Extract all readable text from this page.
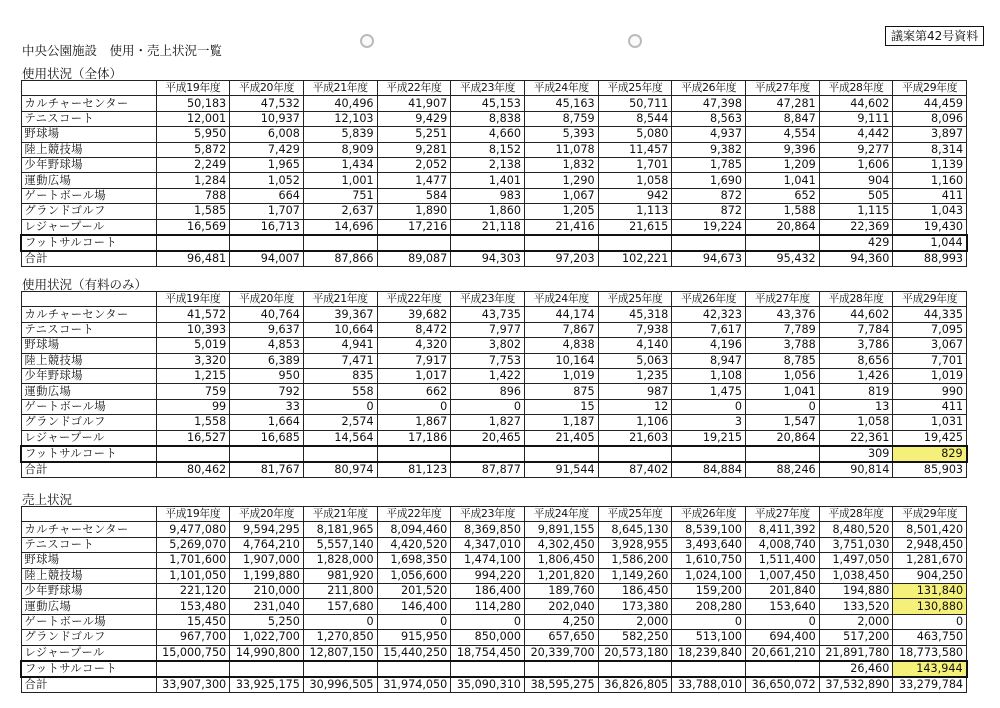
中央公園施設　使用・売上状況一覧
議案第42号資料
使用状況（全体）
	平成19年度	平成20年度	平成21年度	平成22年度	平成23年度	平成24年度	平成25年度	平成26年度	平成27年度	平成28年度	平成29年度
カルチャーセンター	50,183	47,532	40,496	41,907	45,153	45,163	50,711	47,398	47,281	44,602	44,459
テニスコート	12,001	10,937	12,103	9,429	8,838	8,759	8,544	8,563	8,847	9,111	8,096
野球場	5,950	6,008	5,839	5,251	4,660	5,393	5,080	4,937	4,554	4,442	3,897
陸上競技場	5,872	7,429	8,909	9,281	8,152	11,078	11,457	9,382	9,396	9,277	8,314
少年野球場	2,249	1,965	1,434	2,052	2,138	1,832	1,701	1,785	1,209	1,606	1,139
運動広場	1,284	1,052	1,001	1,477	1,401	1,290	1,058	1,690	1,041	904	1,160
ゲートボール場	788	664	751	584	983	1,067	942	872	652	505	411
グランドゴルフ	1,585	1,707	2,637	1,890	1,860	1,205	1,113	872	1,588	1,115	1,043
レジャープール	16,569	16,713	14,696	17,216	21,118	21,416	21,615	19,224	20,864	22,369	19,430
フットサルコート										429	1,044
合計	96,481	94,007	87,866	89,087	94,303	97,203	102,221	94,673	95,432	94,360	88,993
使用状況（有料のみ）
	平成19年度	平成20年度	平成21年度	平成22年度	平成23年度	平成24年度	平成25年度	平成26年度	平成27年度	平成28年度	平成29年度
カルチャーセンター	41,572	40,764	39,367	39,682	43,735	44,174	45,318	42,323	43,376	44,602	44,335
テニスコート	10,393	9,637	10,664	8,472	7,977	7,867	7,938	7,617	7,789	7,784	7,095
野球場	5,019	4,853	4,941	4,320	3,802	4,838	4,140	4,196	3,788	3,786	3,067
陸上競技場	3,320	6,389	7,471	7,917	7,753	10,164	5,063	8,947	8,785	8,656	7,701
少年野球場	1,215	950	835	1,017	1,422	1,019	1,235	1,108	1,056	1,426	1,019
運動広場	759	792	558	662	896	875	987	1,475	1,041	819	990
ゲートボール場	99	33	0	0	0	15	12	0	0	13	411
グランドゴルフ	1,558	1,664	2,574	1,867	1,827	1,187	1,106	3	1,547	1,058	1,031
レジャープール	16,527	16,685	14,564	17,186	20,465	21,405	21,603	19,215	20,864	22,361	19,425
フットサルコート										309	829
合計	80,462	81,767	80,974	81,123	87,877	91,544	87,402	84,884	88,246	90,814	85,903
売上状況
	平成19年度	平成20年度	平成21年度	平成22年度	平成23年度	平成24年度	平成25年度	平成26年度	平成27年度	平成28年度	平成29年度
カルチャーセンター	9,477,080	9,594,295	8,181,965	8,094,460	8,369,850	9,891,155	8,645,130	8,539,100	8,411,392	8,480,520	8,501,420
テニスコート	5,269,070	4,764,210	5,557,140	4,420,520	4,347,010	4,302,450	3,928,955	3,493,640	4,008,740	3,751,030	2,948,450
野球場	1,701,600	1,907,000	1,828,000	1,698,350	1,474,100	1,806,450	1,586,200	1,610,750	1,511,400	1,497,050	1,281,670
陸上競技場	1,101,050	1,199,880	981,920	1,056,600	994,220	1,201,820	1,149,260	1,024,100	1,007,450	1,038,450	904,250
少年野球場	221,120	210,000	211,800	201,520	186,400	189,760	186,450	159,200	201,840	194,880	131,840
運動広場	153,480	231,040	157,680	146,400	114,280	202,040	173,380	208,280	153,640	133,520	130,880
ゲートボール場	15,450	5,250	0	0	0	4,250	2,000	0	0	2,000	0
グランドゴルフ	967,700	1,022,700	1,270,850	915,950	850,000	657,650	582,250	513,100	694,400	517,200	463,750
レジャープール	15,000,750	14,990,800	12,807,150	15,440,250	18,754,450	20,339,700	20,573,180	18,239,840	20,661,210	21,891,780	18,773,580
フットサルコート										26,460	143,944
合計	33,907,300	33,925,175	30,996,505	31,974,050	35,090,310	38,595,275	36,826,805	33,788,010	36,650,072	37,532,890	33,279,784
